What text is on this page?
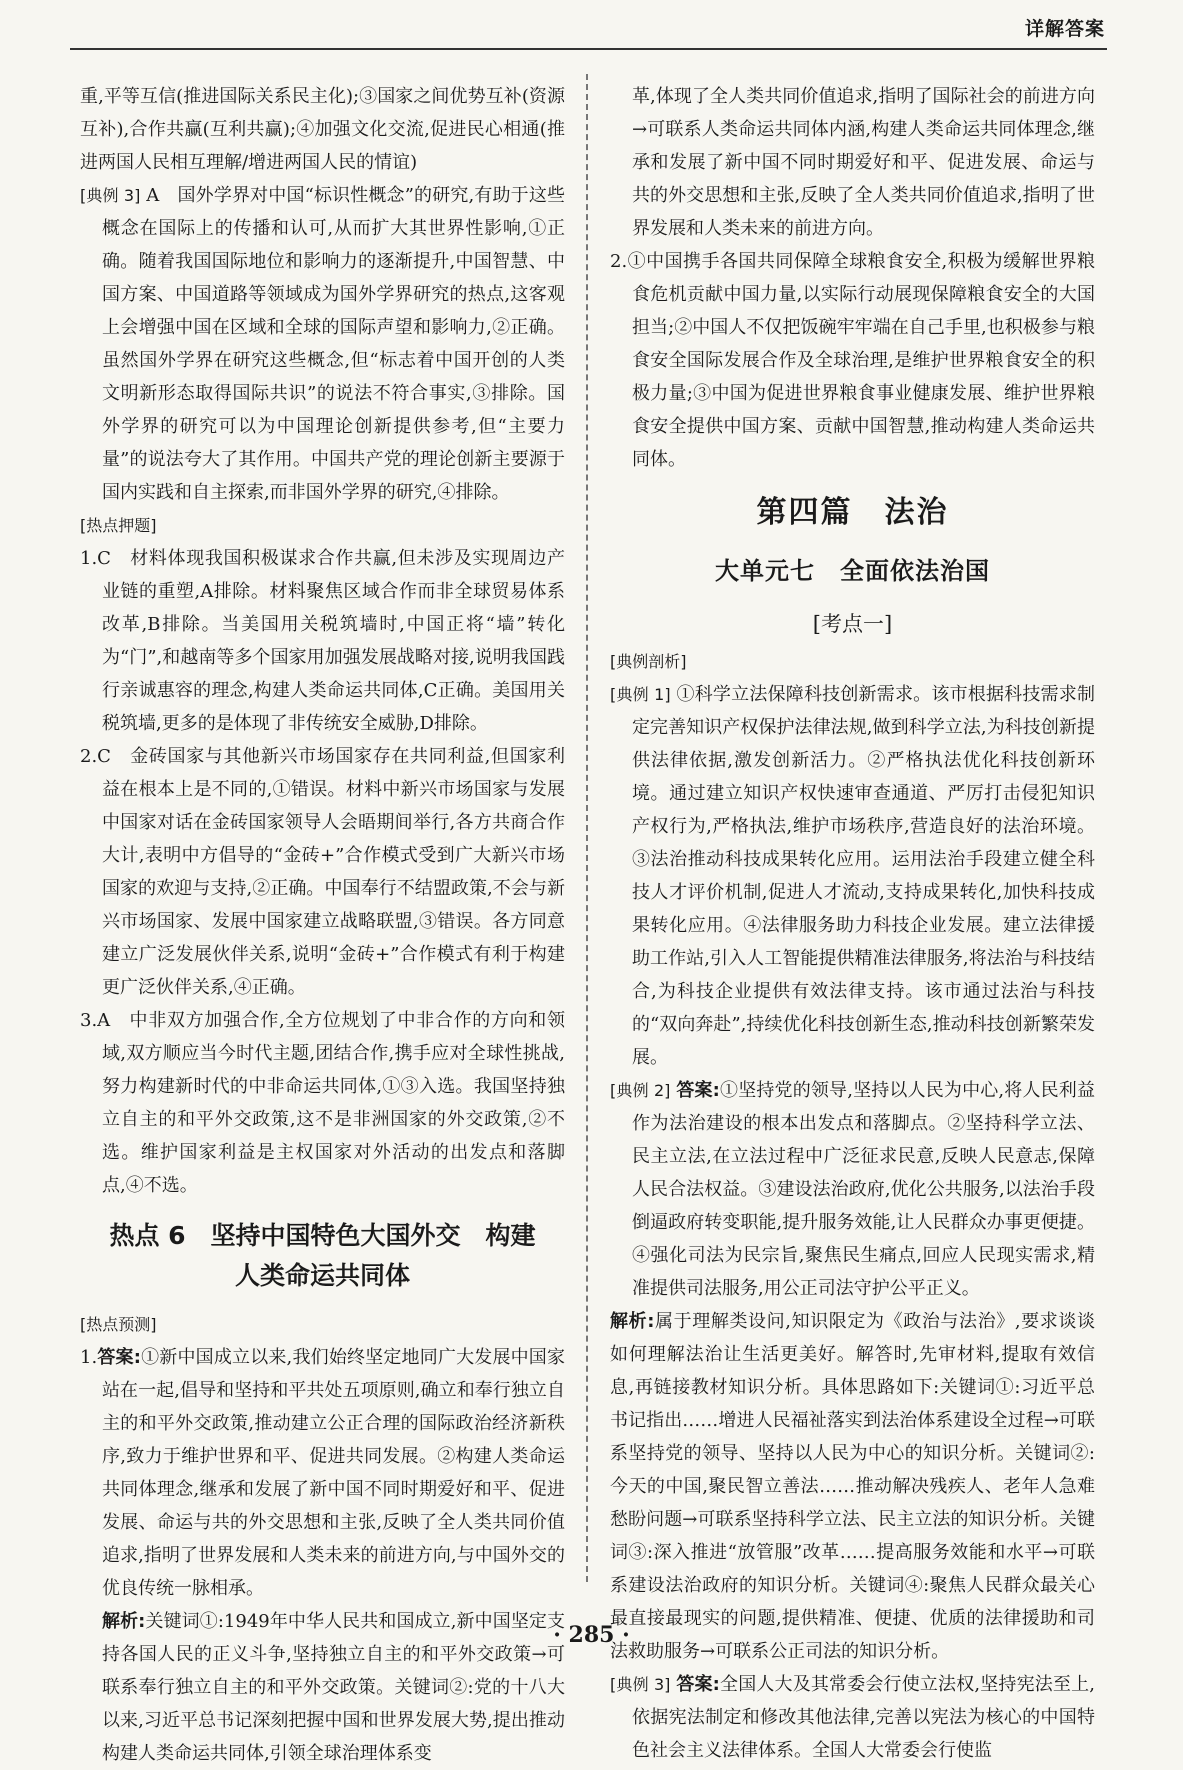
详解答案

重,平等互信(推进国际关系民主化);③国家之间优势互补(资源互补),合作共赢(互利共赢);④加强文化交流,促进民心相通(推进两国人民相互理解/增进两国人民的情谊)

[典例 3] A　国外学界对中国“标识性概念”的研究,有助于这些概念在国际上的传播和认可,从而扩大其世界性影响,①正确。随着我国国际地位和影响力的逐渐提升,中国智慧、中国方案、中国道路等领域成为国外学界研究的热点,这客观上会增强中国在区域和全球的国际声望和影响力,②正确。虽然国外学界在研究这些概念,但“标志着中国开创的人类文明新形态取得国际共识”的说法不符合事实,③排除。国外学界的研究可以为中国理论创新提供参考,但“主要力量”的说法夸大了其作用。中国共产党的理论创新主要源于国内实践和自主探索,而非国外学界的研究,④排除。

[热点押题]

1.C　材料体现我国积极谋求合作共赢,但未涉及实现周边产业链的重塑,A排除。材料聚焦区域合作而非全球贸易体系改革,B排除。当美国用关税筑墙时,中国正将“墙”转化为“门”,和越南等多个国家用加强发展战略对接,说明我国践行亲诚惠容的理念,构建人类命运共同体,C正确。美国用关税筑墙,更多的是体现了非传统安全威胁,D排除。

2.C　金砖国家与其他新兴市场国家存在共同利益,但国家利益在根本上是不同的,①错误。材料中新兴市场国家与发展中国家对话在金砖国家领导人会晤期间举行,各方共商合作大计,表明中方倡导的“金砖+”合作模式受到广大新兴市场国家的欢迎与支持,②正确。中国奉行不结盟政策,不会与新兴市场国家、发展中国家建立战略联盟,③错误。各方同意建立广泛发展伙伴关系,说明“金砖+”合作模式有利于构建更广泛伙伴关系,④正确。

3.A　中非双方加强合作,全方位规划了中非合作的方向和领域,双方顺应当今时代主题,团结合作,携手应对全球性挑战,努力构建新时代的中非命运共同体,①③入选。我国坚持独立自主的和平外交政策,这不是非洲国家的外交政策,②不选。维护国家利益是主权国家对外活动的出发点和落脚点,④不选。

热点 6　坚持中国特色大国外交　构建
人类命运共同体

[热点预测]

1.答案:①新中国成立以来,我们始终坚定地同广大发展中国家站在一起,倡导和坚持和平共处五项原则,确立和奉行独立自主的和平外交政策,推动建立公正合理的国际政治经济新秩序,致力于维护世界和平、促进共同发展。②构建人类命运共同体理念,继承和发展了新中国不同时期爱好和平、促进发展、命运与共的外交思想和主张,反映了全人类共同价值追求,指明了世界发展和人类未来的前进方向,与中国外交的优良传统一脉相承。

解析:关键词①:1949年中华人民共和国成立,新中国坚定支持各国人民的正义斗争,坚持独立自主的和平外交政策→可联系奉行独立自主的和平外交政策。关键词②:党的十八大以来,习近平总书记深刻把握中国和世界发展大势,提出推动构建人类命运共同体,引领全球治理体系变

革,体现了全人类共同价值追求,指明了国际社会的前进方向→可联系人类命运共同体内涵,构建人类命运共同体理念,继承和发展了新中国不同时期爱好和平、促进发展、命运与共的外交思想和主张,反映了全人类共同价值追求,指明了世界发展和人类未来的前进方向。

2.①中国携手各国共同保障全球粮食安全,积极为缓解世界粮食危机贡献中国力量,以实际行动展现保障粮食安全的大国担当;②中国人不仅把饭碗牢牢端在自己手里,也积极参与粮食安全国际发展合作及全球治理,是维护世界粮食安全的积极力量;③中国为促进世界粮食事业健康发展、维护世界粮食安全提供中国方案、贡献中国智慧,推动构建人类命运共同体。

第四篇　法治
大单元七　全面依法治国
[考点一]

[典例剖析]

[典例 1] ①科学立法保障科技创新需求。该市根据科技需求制定完善知识产权保护法律法规,做到科学立法,为科技创新提供法律依据,激发创新活力。②严格执法优化科技创新环境。通过建立知识产权快速审查通道、严厉打击侵犯知识产权行为,严格执法,维护市场秩序,营造良好的法治环境。③法治推动科技成果转化应用。运用法治手段建立健全科技人才评价机制,促进人才流动,支持成果转化,加快科技成果转化应用。④法律服务助力科技企业发展。建立法律援助工作站,引入人工智能提供精准法律服务,将法治与科技结合,为科技企业提供有效法律支持。该市通过法治与科技的“双向奔赴”,持续优化科技创新生态,推动科技创新繁荣发展。

[典例 2] 答案:①坚持党的领导,坚持以人民为中心,将人民利益作为法治建设的根本出发点和落脚点。②坚持科学立法、民主立法,在立法过程中广泛征求民意,反映人民意志,保障人民合法权益。③建设法治政府,优化公共服务,以法治手段倒逼政府转变职能,提升服务效能,让人民群众办事更便捷。④强化司法为民宗旨,聚焦民生痛点,回应人民现实需求,精准提供司法服务,用公正司法守护公平正义。

解析:属于理解类设问,知识限定为《政治与法治》,要求谈谈如何理解法治让生活更美好。解答时,先审材料,提取有效信息,再链接教材知识分析。具体思路如下:关键词①:习近平总书记指出……增进人民福祉落实到法治体系建设全过程→可联系坚持党的领导、坚持以人民为中心的知识分析。关键词②:今天的中国,聚民智立善法……推动解决残疾人、老年人急难愁盼问题→可联系坚持科学立法、民主立法的知识分析。关键词③:深入推进“放管服”改革……提高服务效能和水平→可联系建设法治政府的知识分析。关键词④:聚焦人民群众最关心最直接最现实的问题,提供精准、便捷、优质的法律援助和司法救助服务→可联系公正司法的知识分析。

[典例 3] 答案:全国人大及其常委会行使立法权,坚持宪法至上,依据宪法制定和修改其他法律,完善以宪法为核心的中国特色社会主义法律体系。全国人大常委会行使监

· 285 ·
